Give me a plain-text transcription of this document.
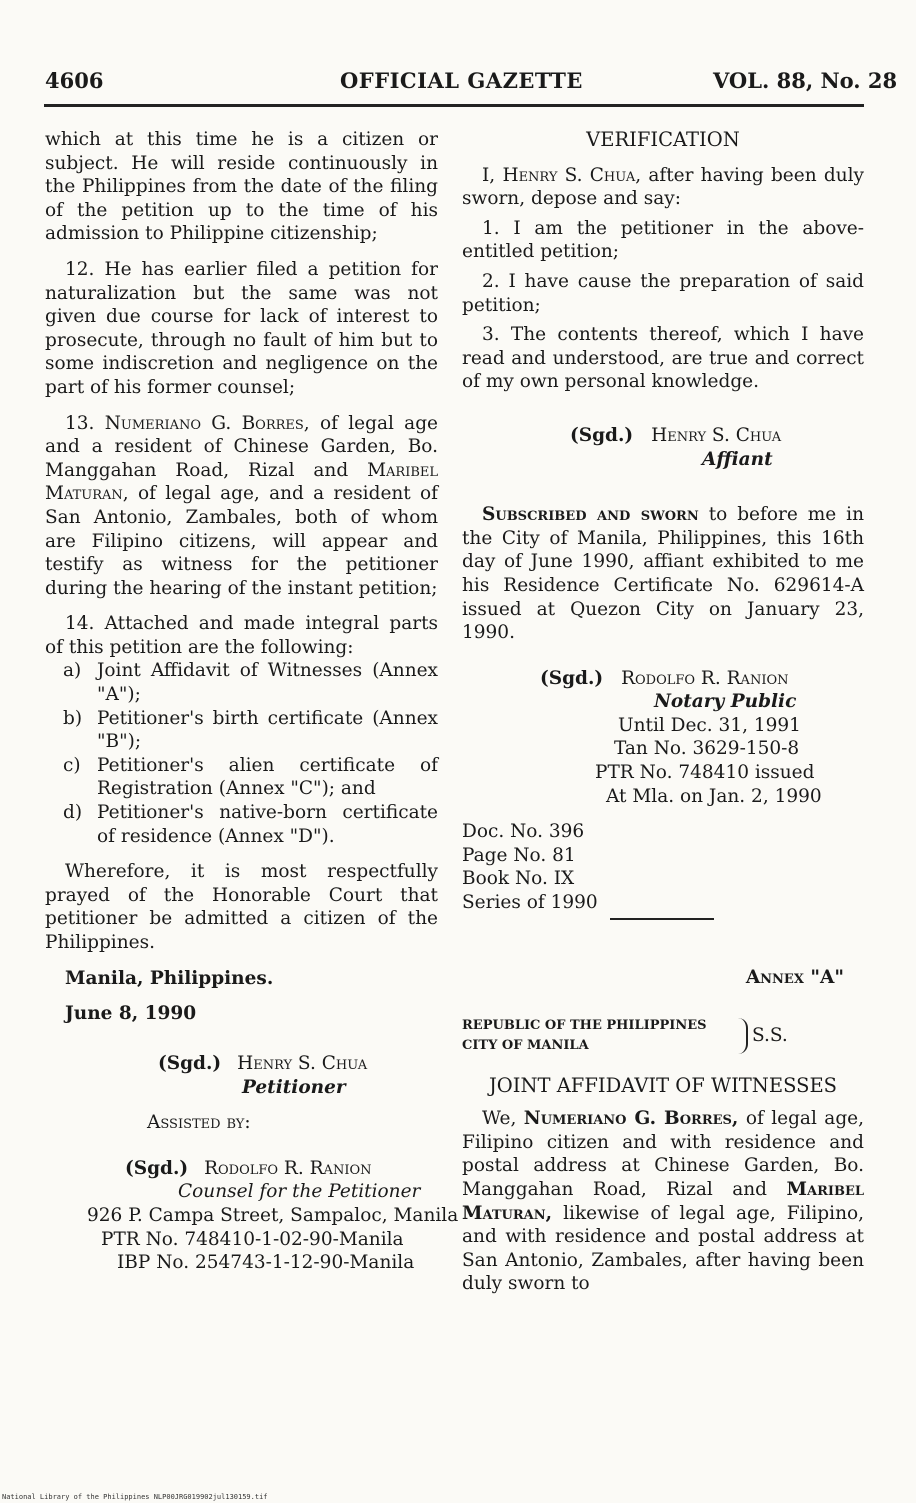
4606	OFFICIAL GAZETTE	VOL. 88, No. 28

which at this time he is a citizen or subject. He will reside continuously in the Philippines from the date of the filing of the petition up to the time of his admission to Philippine citizenship;

12. He has earlier filed a petition for naturalization but the same was not given due course for lack of interest to prosecute, through no fault of him but to some indiscretion and negligence on the part of his former counsel;

13. Numeriano G. Borres, of legal age and a resident of Chinese Garden, Bo. Manggahan Road, Rizal and Maribel Maturan, of legal age, and a resident of San Antonio, Zambales, both of whom are Filipino citizens, will appear and testify as witness for the petitioner during the hearing of the instant petition;

14. Attached and made integral parts of this petition are the following:

a) Joint Affidavit of Witnesses (Annex "A");
b) Petitioner's birth certificate (Annex "B");
c) Petitioner's alien certificate of Registration (Annex "C"); and
d) Petitioner's native-born certificate of residence (Annex "D").

Wherefore, it is most respectfully prayed of the Honorable Court that petitioner be admitted a citizen of the Philippines.

Manila, Philippines.

June 8, 1990

(Sgd.) Henry S. Chua
Petitioner
Assisted by:
(Sgd.) Rodolfo R. Ranion
Counsel for the Petitioner
926 P. Campa Street, Sampaloc, Manila
PTR No. 748410-1-02-90-Manila
IBP No. 254743-1-12-90-Manila
VERIFICATION

I, Henry S. Chua, after having been duly sworn, depose and say:

1. I am the petitioner in the above-entitled petition;

2. I have cause the preparation of said petition;

3. The contents thereof, which I have read and understood, are true and correct of my own personal knowledge.

(Sgd.) Henry S. Chua
Affiant

Subscribed and sworn to before me in the City of Manila, Philippines, this 16th day of June 1990, affiant exhibited to me his Residence Certificate No. 629614-A issued at Quezon City on January 23, 1990.

(Sgd.) Rodolfo R. Ranion
Notary Public
Until Dec. 31, 1991
Tan No. 3629-150-8
PTR No. 748410 issued
At Mla. on Jan. 2, 1990
Doc. No. 396
Page No. 81
Book No. IX
Series of 1990
Annex "A"
REPUBLIC OF THE PHILIPPINES
CITY OF MANILA	S.S.
JOINT AFFIDAVIT OF WITNESSES

We, Numeriano G. Borres, of legal age, Filipino citizen and with residence and postal address at Chinese Garden, Bo. Manggahan Road, Rizal and Maribel Maturan, likewise of legal age, Filipino, and with residence and postal address at San Antonio, Zambales, after having been duly sworn to

National Library of the Philippines NLP00JRG019902jul130159.tif
